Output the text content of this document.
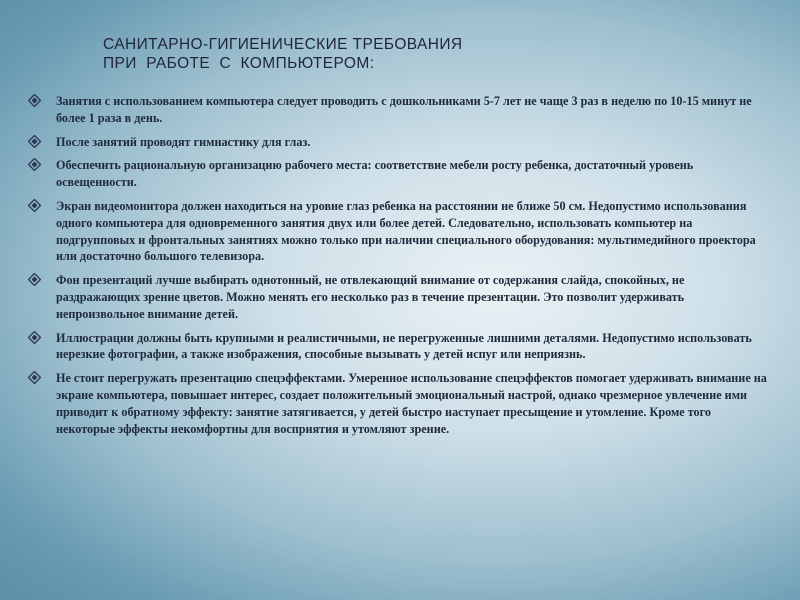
САНИТАРНО-ГИГИЕНИЧЕСКИЕ ТРЕБОВАНИЯ
ПРИ  РАБОТЕ  С  КОМПЬЮТЕРОМ:
Занятия с использованием компьютера следует проводить с дошкольниками 5-7 лет не чаще 3 раз в неделю по 10-15 минут не более 1 раза в день.
После занятий проводят гимнастику для глаз.
Обеспечить рациональную организацию рабочего места: соответствие мебели росту ребенка, достаточный уровень освещенности.
Экран видеомонитора должен находиться на уровне глаз ребенка на расстоянии не ближе 50 см. Недопустимо использования одного компьютера для одновременного занятия двух или более детей. Следовательно, использовать компьютер на подгрупповых и фронтальных занятиях можно только при наличии специального оборудования: мультимедийного проектора или достаточно большого телевизора.
Фон презентаций лучше выбирать однотонный, не отвлекающий внимание от содержания слайда, спокойных, не раздражающих зрение цветов. Можно менять его несколько раз в течение презентации. Это позволит удерживать непроизвольное внимание детей.
Иллюстрации должны быть крупными и реалистичными, не перегруженные лишними деталями. Недопустимо использовать нерезкие фотографии, а также изображения, способные вызывать у детей испуг или неприязнь.
Не стоит перегружать презентацию спецэффектами. Умеренное использование спецэффектов помогает удерживать внимание на экране компьютера, повышает интерес, создает положительный эмоциональный настрой, однако чрезмерное увлечение ими приводит к обратному эффекту: занятие затягивается, у детей быстро наступает пресыщение и утомление. Кроме того некоторые эффекты некомфортны для восприятия и утомляют зрение.
